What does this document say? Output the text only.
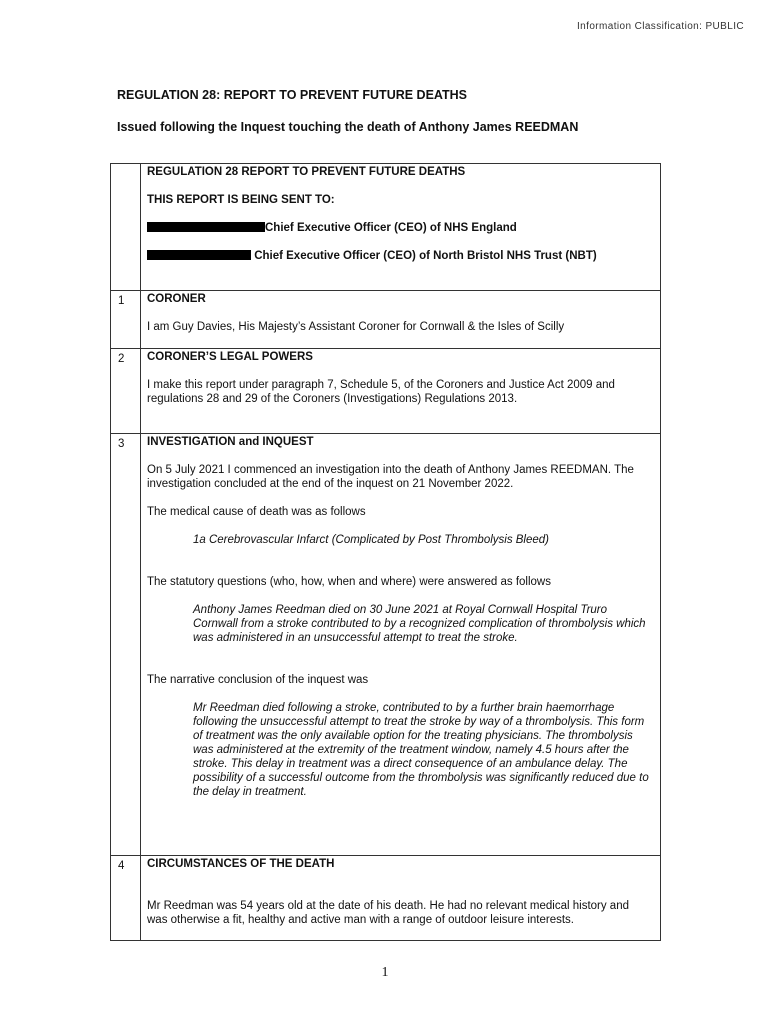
Information Classification: PUBLIC
REGULATION 28: REPORT TO PREVENT FUTURE DEATHS
Issued following the Inquest touching the death of Anthony James REEDMAN

REGULATION 28 REPORT TO PREVENT FUTURE DEATHS

THIS REPORT IS BEING SENT TO:

Chief Executive Officer (CEO) of NHS England

Chief Executive Officer (CEO) of North Bristol NHS Trust (NBT)

1	CORONER

I am Guy Davies, His Majesty’s Assistant Coroner for Cornwall & the Isles of Scilly

2	CORONER’S LEGAL POWERS

I make this report under paragraph 7, Schedule 5, of the Coroners and Justice Act 2009 and regulations 28 and 29 of the Coroners (Investigations) Regulations 2013.

3	INVESTIGATION and INQUEST

On 5 July 2021 I commenced an investigation into the death of Anthony James REEDMAN. The investigation concluded at the end of the inquest on 21 November 2022.

The medical cause of death was as follows

1a Cerebrovascular Infarct (Complicated by Post Thrombolysis Bleed)

The statutory questions (who, how, when and where) were answered as follows

Anthony James Reedman died on 30 June 2021 at Royal Cornwall Hospital Truro Cornwall from a stroke contributed to by a recognized complication of thrombolysis which was administered in an unsuccessful attempt to treat the stroke.

The narrative conclusion of the inquest was

Mr Reedman died following a stroke, contributed to by a further brain haemorrhage following the unsuccessful attempt to treat the stroke by way of a thrombolysis. This form of treatment was the only available option for the treating physicians. The thrombolysis was administered at the extremity of the treatment window, namely 4.5 hours after the stroke. This delay in treatment was a direct consequence of an ambulance delay. The possibility of a successful outcome from the thrombolysis was significantly reduced due to the delay in treatment.

4	CIRCUMSTANCES OF THE DEATH

Mr Reedman was 54 years old at the date of his death. He had no relevant medical history and was otherwise a fit, healthy and active man with a range of outdoor leisure interests.

1
